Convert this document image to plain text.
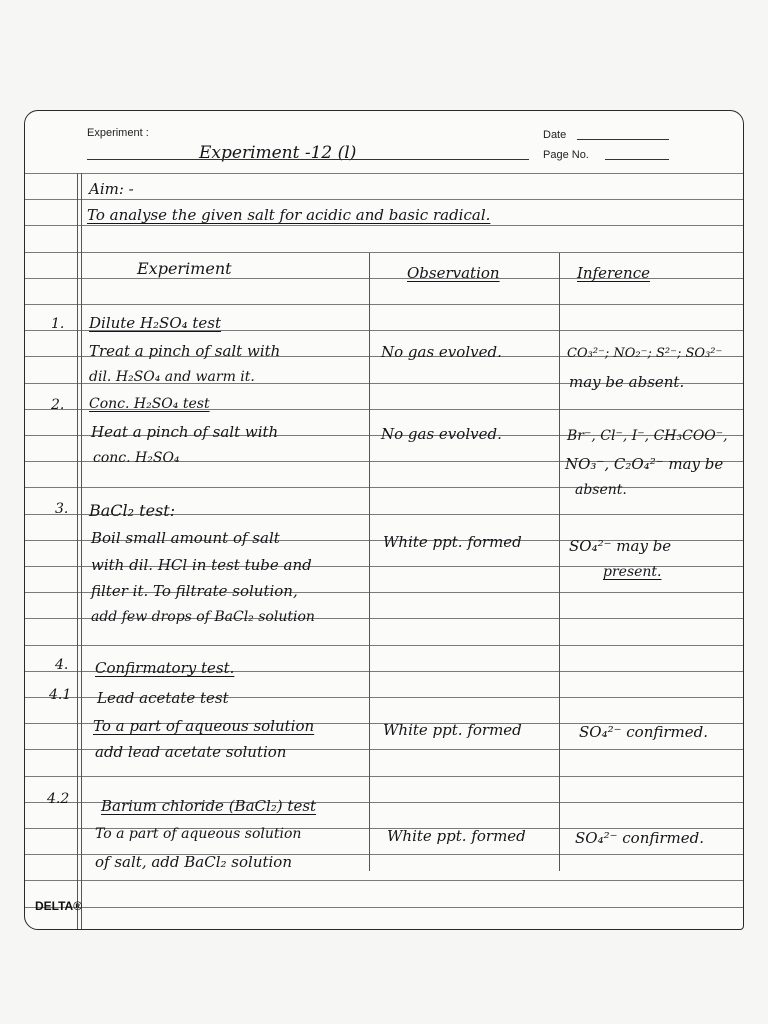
Experiment :
Experiment -12 (l)
Date
Page No.
Aim: -
To analyse the given salt for acidic and basic radical.
Experiment	Observation	Inference
1. Dilute H₂SO₄ test
Treat a pinch of salt with
dil. H₂SO₄ and warm it.
No gas evolved.	CO₃²⁻; NO₂⁻; S²⁻; SO₃²⁻
may be absent.
2. Conc. H₂SO₄ test
Heat a pinch of salt with
conc. H₂SO₄
No gas evolved.	Br⁻, Cl⁻, I⁻, CH₃COO⁻,
NO₃⁻, C₂O₄²⁻ may be
absent.
3. BaCl₂ test:
Boil small amount of salt
with dil. HCl in test tube and
filter it. To filtrate solution,
add few drops of BaCl₂ solution
White ppt. formed	SO₄²⁻ may be
present.
4. Confirmatory test.
4.1 Lead acetate test
To a part of aqueous solution
add lead acetate solution
White ppt. formed	SO₄²⁻ confirmed.
4.2 Barium chloride (BaCl₂) test
To a part of aqueous solution
of salt, add BaCl₂ solution
White ppt. formed	SO₄²⁻ confirmed.
DELTA®
